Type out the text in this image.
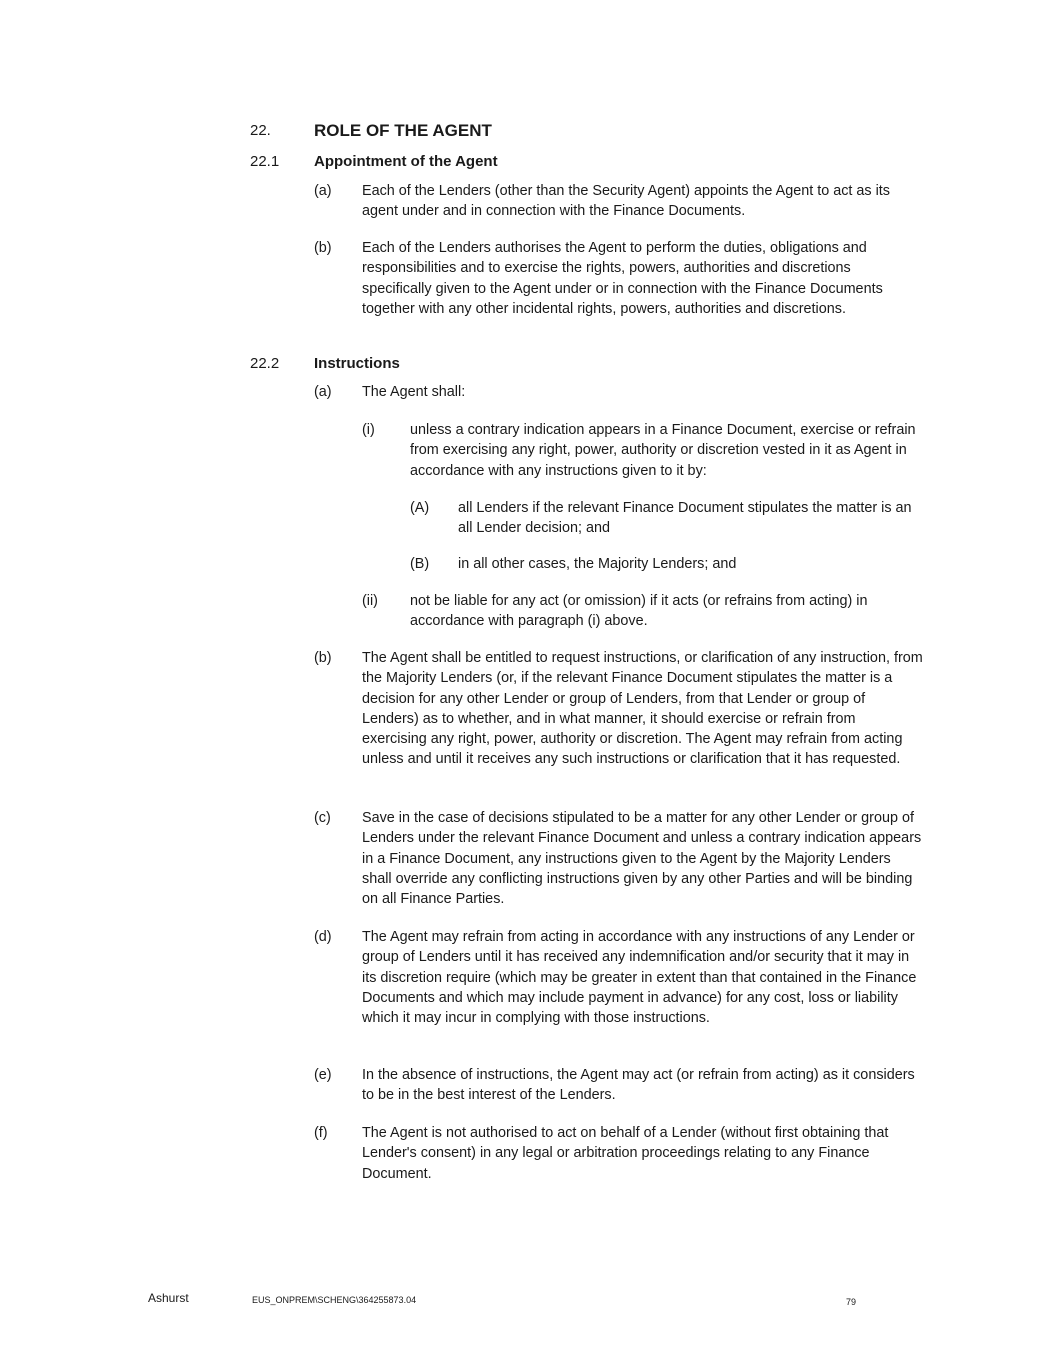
22.	ROLE OF THE AGENT
22.1 Appointment of the Agent
(a) Each of the Lenders (other than the Security Agent) appoints the Agent to act as its agent under and in connection with the Finance Documents.
(b) Each of the Lenders authorises the Agent to perform the duties, obligations and responsibilities and to exercise the rights, powers, authorities and discretions specifically given to the Agent under or in connection with the Finance Documents together with any other incidental rights, powers, authorities and discretions.
22.2 Instructions
(a) The Agent shall:
(i) unless a contrary indication appears in a Finance Document, exercise or refrain from exercising any right, power, authority or discretion vested in it as Agent in accordance with any instructions given to it by:
(A) all Lenders if the relevant Finance Document stipulates the matter is an all Lender decision; and
(B) in all other cases, the Majority Lenders; and
(ii) not be liable for any act (or omission) if it acts (or refrains from acting) in accordance with paragraph (i) above.
(b) The Agent shall be entitled to request instructions, or clarification of any instruction, from the Majority Lenders (or, if the relevant Finance Document stipulates the matter is a decision for any other Lender or group of Lenders, from that Lender or group of Lenders) as to whether, and in what manner, it should exercise or refrain from exercising any right, power, authority or discretion. The Agent may refrain from acting unless and until it receives any such instructions or clarification that it has requested.
(c) Save in the case of decisions stipulated to be a matter for any other Lender or group of Lenders under the relevant Finance Document and unless a contrary indication appears in a Finance Document, any instructions given to the Agent by the Majority Lenders shall override any conflicting instructions given by any other Parties and will be binding on all Finance Parties.
(d) The Agent may refrain from acting in accordance with any instructions of any Lender or group of Lenders until it has received any indemnification and/or security that it may in its discretion require (which may be greater in extent than that contained in the Finance Documents and which may include payment in advance) for any cost, loss or liability which it may incur in complying with those instructions.
(e) In the absence of instructions, the Agent may act (or refrain from acting) as it considers to be in the best interest of the Lenders.
(f) The Agent is not authorised to act on behalf of a Lender (without first obtaining that Lender's consent) in any legal or arbitration proceedings relating to any Finance Document.
Ashurst	EUS_ONPREM\SCHENG\364255873.04	79
